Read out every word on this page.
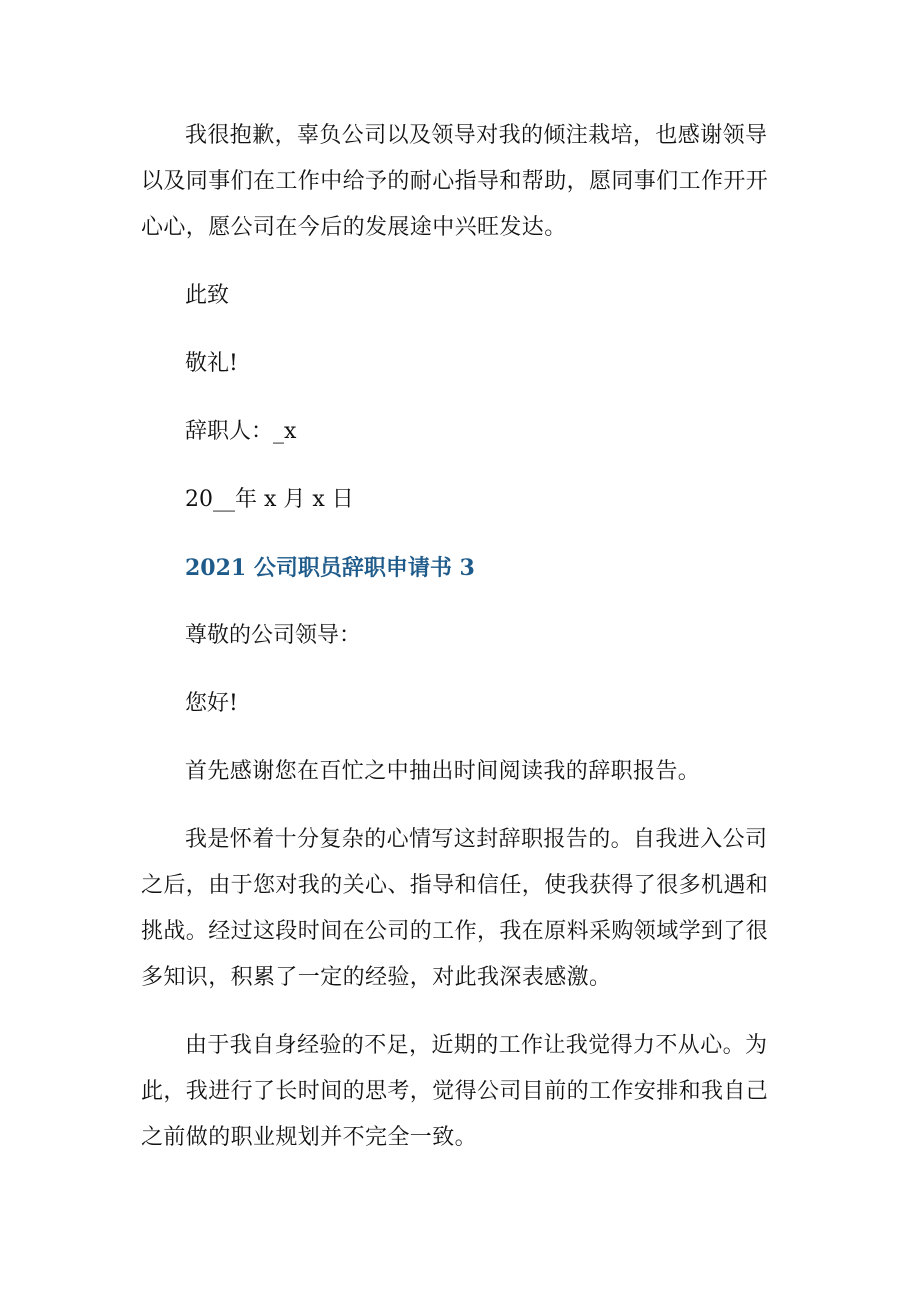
我很抱歉，辜负公司以及领导对我的倾注栽培，也感谢领导以及同事们在工作中给予的耐心指导和帮助，愿同事们工作开开心心，愿公司在今后的发展途中兴旺发达。

此致

敬礼!

辞职人：_x

20__年 x 月 x 日

2021 公司职员辞职申请书 3

尊敬的公司领导：

您好!

首先感谢您在百忙之中抽出时间阅读我的辞职报告。

我是怀着十分复杂的心情写这封辞职报告的。自我进入公司之后，由于您对我的关心、指导和信任，使我获得了很多机遇和挑战。经过这段时间在公司的工作，我在原料采购领域学到了很多知识，积累了一定的经验，对此我深表感激。

由于我自身经验的不足，近期的工作让我觉得力不从心。为此，我进行了长时间的思考，觉得公司目前的工作安排和我自己之前做的职业规划并不完全一致。
